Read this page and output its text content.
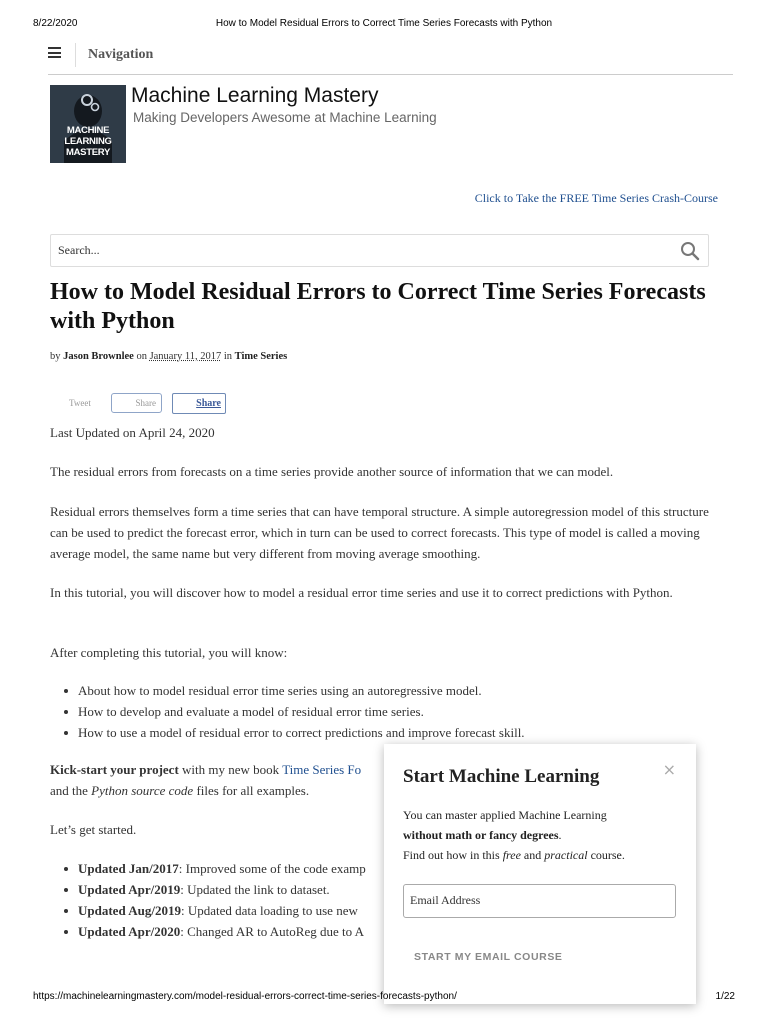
8/22/2020	How to Model Residual Errors to Correct Time Series Forecasts with Python
Navigation
MACHINE LEARNING MASTERY
Machine Learning Mastery
Making Developers Awesome at Machine Learning
Click to Take the FREE Time Series Crash-Course
Search...
How to Model Residual Errors to Correct Time Series Forecasts with Python
by Jason Brownlee on January 11, 2017 in Time Series
Tweet	Share	Share
Last Updated on April 24, 2020
The residual errors from forecasts on a time series provide another source of information that we can model.
Residual errors themselves form a time series that can have temporal structure. A simple autoregression model of this structure can be used to predict the forecast error, which in turn can be used to correct forecasts. This type of model is called a moving average model, the same name but very different from moving average smoothing.
In this tutorial, you will discover how to model a residual error time series and use it to correct predictions with Python.
After completing this tutorial, you will know:
About how to model residual error time series using an autoregressive model.
How to develop and evaluate a model of residual error time series.
How to use a model of residual error to correct predictions and improve forecast skill.
Kick-start your project with my new book Time Series Fo
and the Python source code files for all examples.
Let’s get started.
Updated Jan/2017: Improved some of the code examp
Updated Apr/2019: Updated the link to dataset.
Updated Aug/2019: Updated data loading to use new
Updated Apr/2020: Changed AR to AutoReg due to A
×
Start Machine Learning
You can master applied Machine Learning
without math or fancy degrees.
Find out how in this free and practical course.
Email Address
START MY EMAIL COURSE
https://machinelearningmastery.com/model-residual-errors-correct-time-series-forecasts-python/	1/22
